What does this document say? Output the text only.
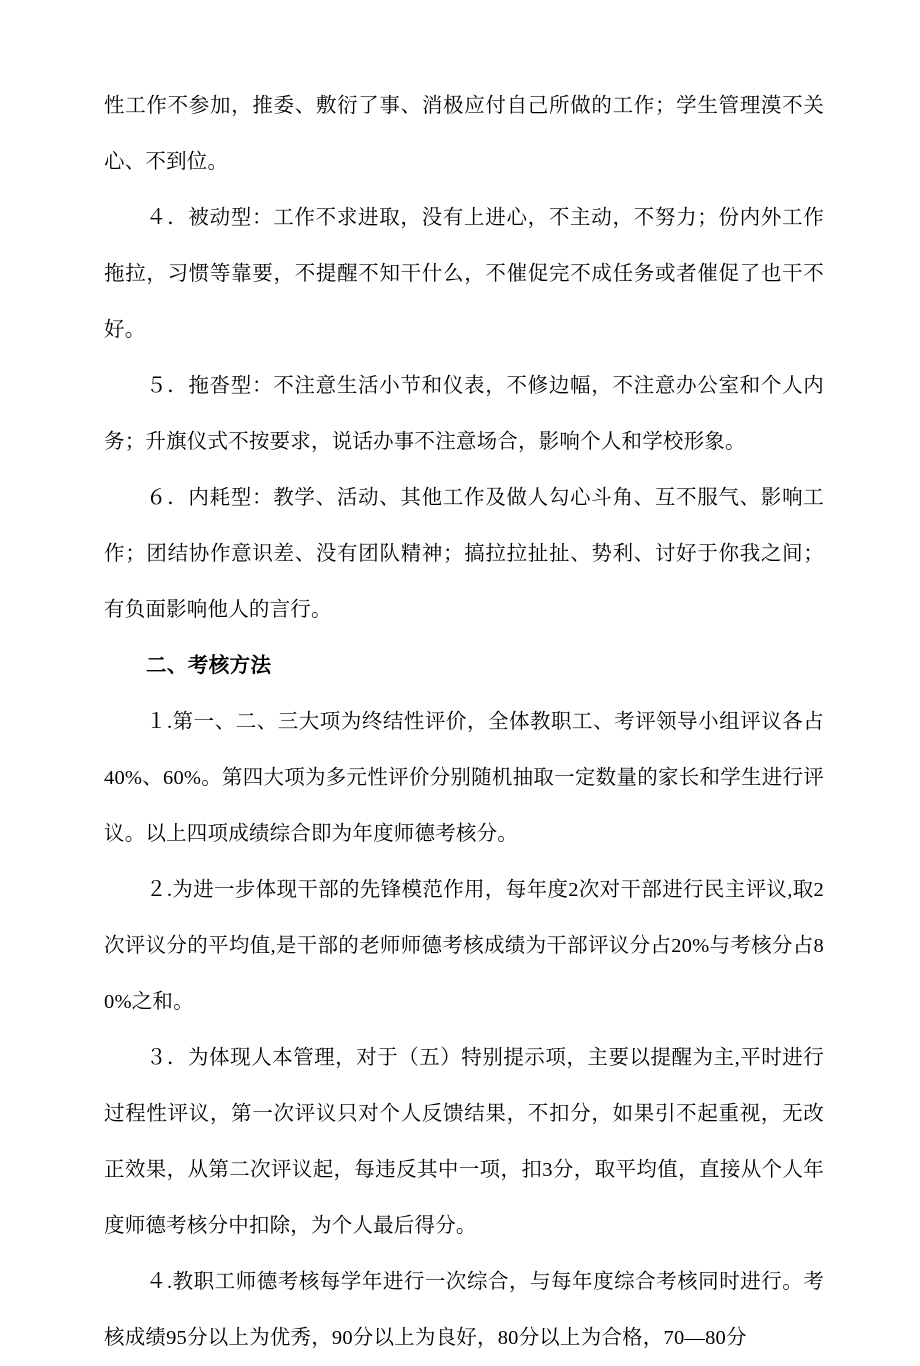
性工作不参加，推委、敷衍了事、消极应付自己所做的工作；学生管理漠不关心、不到位。

４．被动型：工作不求进取，没有上进心，不主动，不努力；份内外工作拖拉，习惯等靠要，不提醒不知干什么，不催促完不成任务或者催促了也干不好。

５．拖沓型：不注意生活小节和仪表，不修边幅，不注意办公室和个人内务；升旗仪式不按要求，说话办事不注意场合，影响个人和学校形象。

６．内耗型：教学、活动、其他工作及做人勾心斗角、互不服气、影响工作；团结协作意识差、没有团队精神；搞拉拉扯扯、势利、讨好于你我之间；有负面影响他人的言行。

二、考核方法

１.第一、二、三大项为终结性评价，全体教职工、考评领导小组评议各占40%、60%。第四大项为多元性评价分别随机抽取一定数量的家长和学生进行评议。以上四项成绩综合即为年度师德考核分。

２.为进一步体现干部的先锋模范作用，每年度2次对干部进行民主评议,取2次评议分的平均值,是干部的老师师德考核成绩为干部评议分占20%与考核分占80%之和。

３．为体现人本管理，对于（五）特别提示项，主要以提醒为主,平时进行过程性评议，第一次评议只对个人反馈结果，不扣分，如果引不起重视，无改正效果，从第二次评议起，每违反其中一项，扣3分，取平均值，直接从个人年度师德考核分中扣除，为个人最后得分。

４.教职工师德考核每学年进行一次综合，与每年度综合考核同时进行。考核成绩95分以上为优秀，90分以上为良好，80分以上为合格，70—80分
